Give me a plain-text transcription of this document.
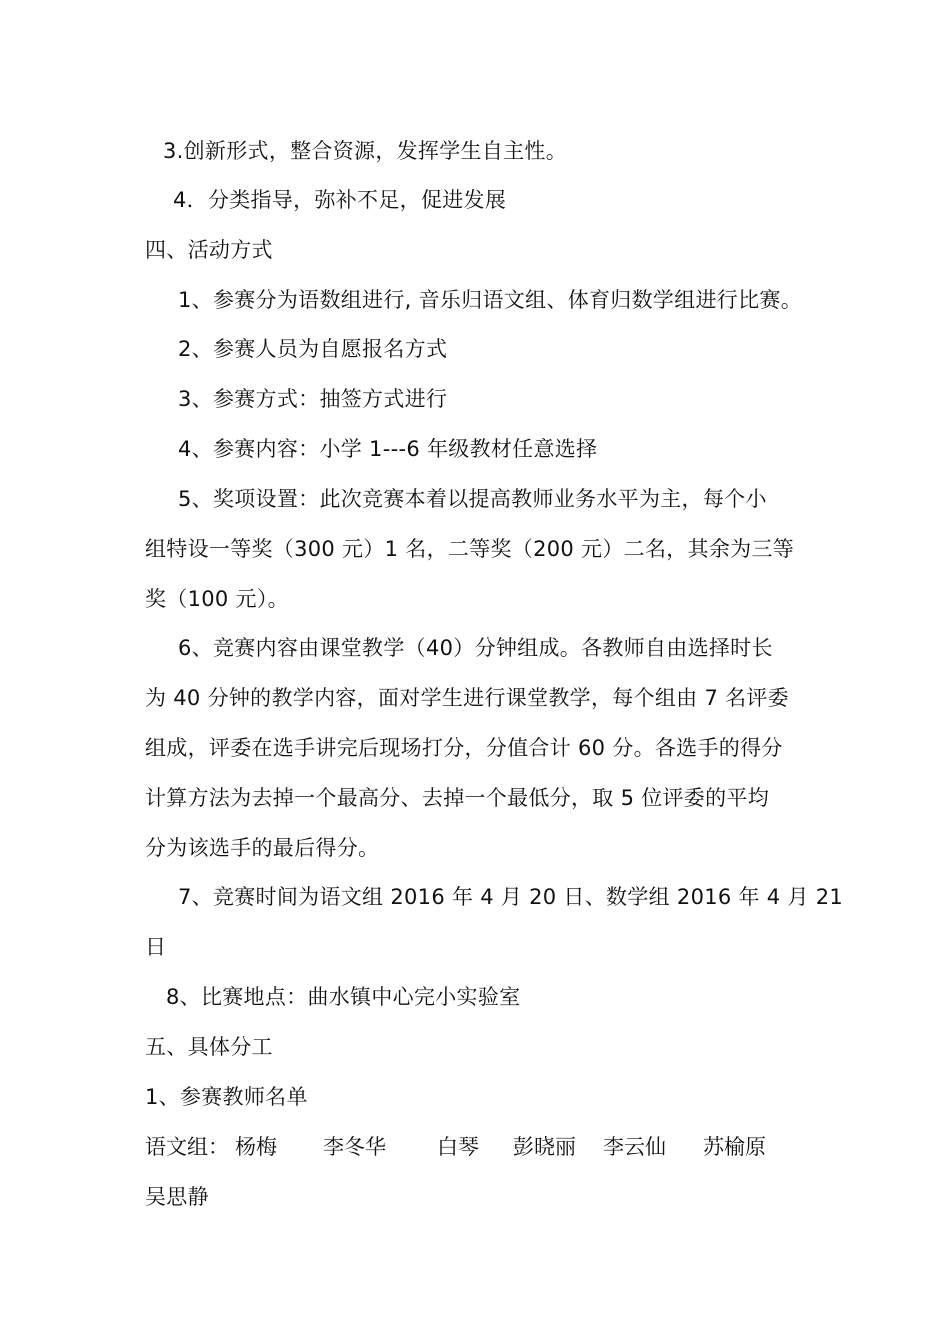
3.创新形式，整合资源，发挥学生自主性。
4．分类指导，弥补不足，促进发展
四、活动方式
1、参赛分为语数组进行, 音乐归语文组、体育归数学组进行比赛。
2、参赛人员为自愿报名方式
3、参赛方式：抽签方式进行
4、参赛内容：小学 1---6 年级教材任意选择
5、奖项设置：此次竞赛本着以提高教师业务水平为主，每个小
组特设一等奖（300 元）1 名，二等奖（200 元）二名，其余为三等
奖（100 元）。
6、竞赛内容由课堂教学（40）分钟组成。各教师自由选择时长
为 40 分钟的教学内容，面对学生进行课堂教学，每个组由 7 名评委
组成，评委在选手讲完后现场打分，分值合计 60 分。各选手的得分
计算方法为去掉一个最高分、去掉一个最低分，取 5 位评委的平均
分为该选手的最后得分。
7、竞赛时间为语文组 2016 年 4 月 20 日、数学组 2016 年 4 月 21
日
8、比赛地点：曲水镇中心完小实验室
五、具体分工
1、参赛教师名单
语文组： 杨梅 李冬华 白琴 彭晓丽 李云仙 苏榆原
吴思静
